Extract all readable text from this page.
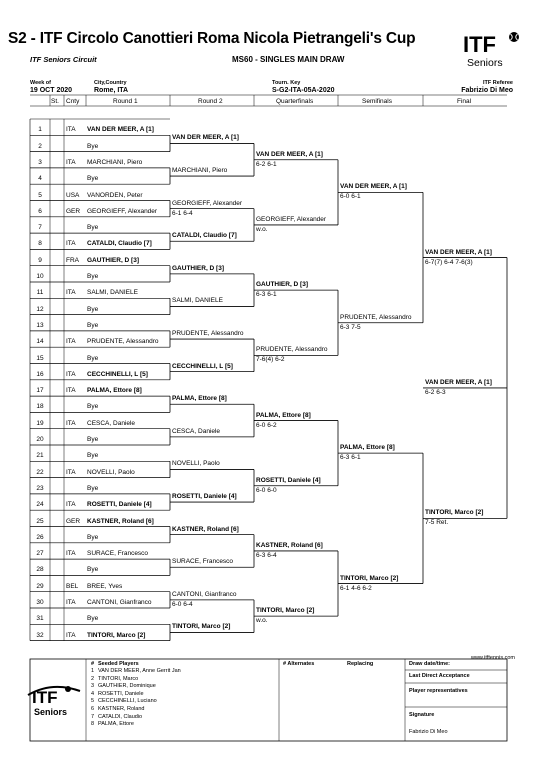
S2 - ITF Circolo Canottieri Roma Nicola Pietrangeli's Cup
ITF Seniors Circuit	MS60 - SINGLES MAIN DRAW
ITF
Seniors
Week of
19 OCT 2020
City,Country
Rome, ITA
Tourn. Key
S-G2-ITA-05A-2020
ITF Referee
Fabrizio Di Meo
St. Cnty	Round 1	Round 2	Quarterfinals	Semifinals	Final
1	ITA VAN DER MEER, A [1]
2	Bye
3	ITA MARCHIANI, Piero
4	Bye
5	USA VANORDEN, Peter
6	GER GEORGIEFF, Alexander
7	Bye
8	ITA CATALDI, Claudio [7]
9	FRA GAUTHIER, D [3]
10	Bye
11	ITA SALMI, DANIELE
12	Bye
13	Bye
14	ITA PRUDENTE, Alessandro
15	Bye
16	ITA CECCHINELLI, L [5]
17	ITA PALMA, Ettore [8]
18	Bye
19	ITA CESCA, Daniele
20	Bye
21	Bye
22	ITA NOVELLI, Paolo
23	Bye
24	ITA ROSETTI, Daniele [4]
25	GER KASTNER, Roland [6]
26	Bye
27	ITA SURACE, Francesco
28	Bye
29	BEL BREE, Yves
30	ITA CANTONI, Gianfranco
31	Bye
32	ITA TINTORI, Marco [2]
VAN DER MEER, A [1]
MARCHIANI, Piero
GEORGIEFF, Alexander
6-1 6-4
CATALDI, Claudio [7]
GAUTHIER, D [3]
SALMI, DANIELE
PRUDENTE, Alessandro
CECCHINELLI, L [5]
PALMA, Ettore [8]
CESCA, Daniele
NOVELLI, Paolo
ROSETTI, Daniele [4]
KASTNER, Roland [6]
SURACE, Francesco
CANTONI, Gianfranco
6-0 6-4
TINTORI, Marco [2]
VAN DER MEER, A [1]
6-2 6-1
GEORGIEFF, Alexander
w.o.
GAUTHIER, D [3]
6-3 6-1
PRUDENTE, Alessandro
7-6(4) 6-2
PALMA, Ettore [8]
6-0 6-2
ROSETTI, Daniele [4]
6-0 6-0
KASTNER, Roland [6]
6-3 6-4
TINTORI, Marco [2]
w.o.
VAN DER MEER, A [1]
6-0 6-1
PRUDENTE, Alessandro
6-3 7-5
PALMA, Ettore [8]
6-3 6-1
TINTORI, Marco [2]
6-1 4-6 6-2
VAN DER MEER, A [1]
6-7(7) 6-4 7-6(3)
TINTORI, Marco [2]
7-5 Ret.
VAN DER MEER, A [1]
6-2 6-3
www.itftennis.com
ITF
Seniors
# Seeded Players
1 VAN DER MEER, Anne Gerrit Jan
2 TINTORI, Marco
3 GAUTHIER, Dominique
4 ROSETTI, Daniele
5 CECCHINELLI, Luciano
6 KASTNER, Roland
7 CATALDI, Claudio
8 PALMA, Ettore
# Alternates	Replacing	Draw date/time:
Last Direct Acceptance
Player representatives
Signature
Fabrizio Di Meo
